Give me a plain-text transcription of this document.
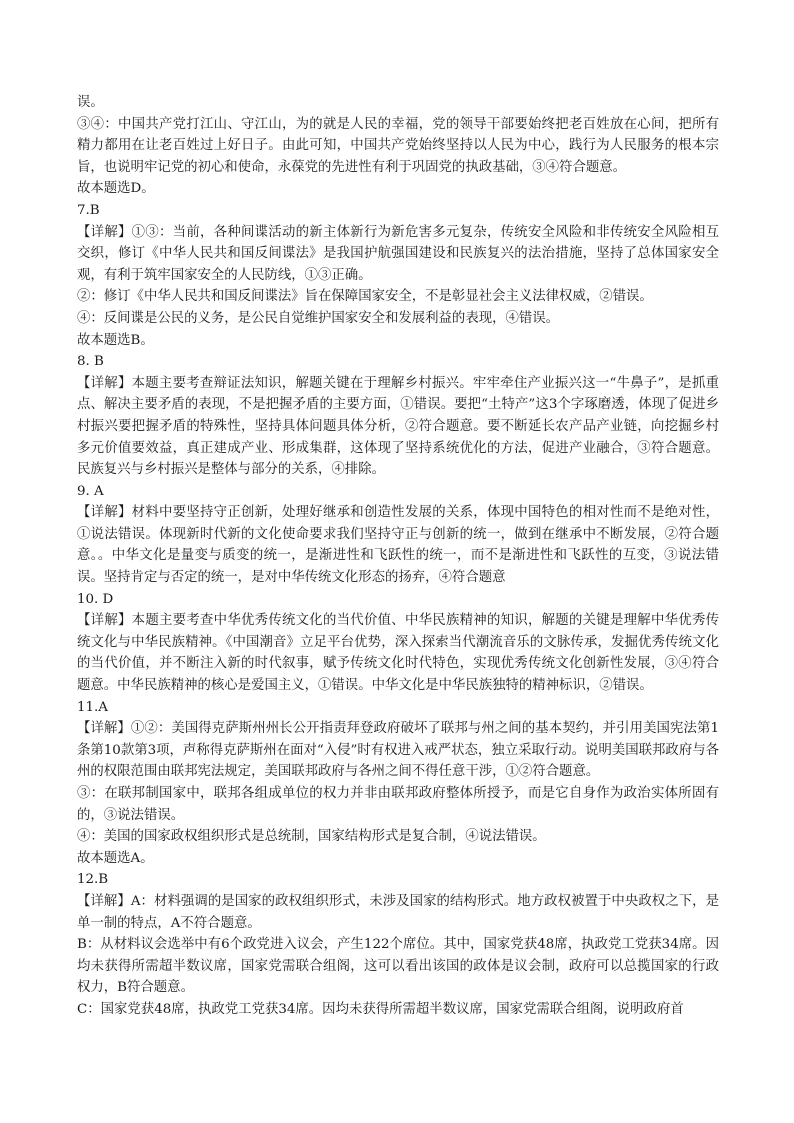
误。

③④：中国共产党打江山、守江山，为的就是人民的幸福，党的领导干部要始终把老百姓放在心间，把所有精力都用在让老百姓过上好日子。由此可知，中国共产党始终坚持以人民为中心，践行为人民服务的根本宗旨，也说明牢记党的初心和使命，永葆党的先进性有利于巩固党的执政基础，③④符合题意。

故本题选D。

7.B

【详解】①③：当前，各种间谍活动的新主体新行为新危害多元复杂，传统安全风险和非传统安全风险相互交织，修订《中华人民共和国反间谍法》是我国护航强国建设和民族复兴的法治措施，坚持了总体国家安全观，有利于筑牢国家安全的人民防线，①③正确。

②：修订《中华人民共和国反间谍法》旨在保障国家安全，不是彰显社会主义法律权威，②错误。

④：反间谍是公民的义务，是公民自觉维护国家安全和发展利益的表现，④错误。

故本题选B。

8. B

【详解】本题主要考查辩证法知识，解题关键在于理解乡村振兴。牢牢牵住产业振兴这一“牛鼻子”，是抓重点、解决主要矛盾的表现，不是把握矛盾的主要方面，①错误。要把“土特产”这3个字琢磨透，体现了促进乡村振兴要把握矛盾的特殊性，坚持具体问题具体分析，②符合题意。要不断延长农产品产业链，向挖掘乡村多元价值要效益，真正建成产业、形成集群，这体现了坚持系统优化的方法，促进产业融合，③符合题意。民族复兴与乡村振兴是整体与部分的关系，④排除。

9. A

【详解】材料中要坚持守正创新，处理好继承和创造性发展的关系，体现中国特色的相对性而不是绝对性，①说法错误。体现新时代新的文化使命要求我们坚持守正与创新的统一，做到在继承中不断发展，②符合题意。。中华文化是量变与质变的统一，是渐进性和飞跃性的统一，而不是渐进性和飞跃性的互变，③说法错误。坚持肯定与否定的统一，是对中华传统文化形态的扬弃，④符合题意

10. D

【详解】本题主要考查中华优秀传统文化的当代价值、中华民族精神的知识，解题的关键是理解中华优秀传统文化与中华民族精神。《中国潮音》立足平台优势，深入探索当代潮流音乐的文脉传承，发掘优秀传统文化的当代价值，并不断注入新的时代叙事，赋予传统文化时代特色，实现优秀传统文化创新性发展，③④符合题意。中华民族精神的核心是爱国主义，①错误。中华文化是中华民族独特的精神标识，②错误。

11.A

【详解】①②：美国得克萨斯州州长公开指责拜登政府破坏了联邦与州之间的基本契约，并引用美国宪法第1条第10款第3项，声称得克萨斯州在面对“入侵”时有权进入戒严状态，独立采取行动。说明美国联邦政府与各州的权限范围由联邦宪法规定，美国联邦政府与各州之间不得任意干涉，①②符合题意。

③：在联邦制国家中，联邦各组成单位的权力并非由联邦政府整体所授予，而是它自身作为政治实体所固有的，③说法错误。

④：美国的国家政权组织形式是总统制，国家结构形式是复合制，④说法错误。

故本题选A。

12.B

【详解】A：材料强调的是国家的政权组织形式，未涉及国家的结构形式。地方政权被置于中央政权之下，是单一制的特点，A不符合题意。

B：从材料议会选举中有6个政党进入议会，产生122个席位。其中，国家党获48席，执政党工党获34席。因均未获得所需超半数议席，国家党需联合组阁，这可以看出该国的政体是议会制，政府可以总揽国家的行政权力，B符合题意。

C：国家党获48席，执政党工党获34席。因均未获得所需超半数议席，国家党需联合组阁，说明政府首
